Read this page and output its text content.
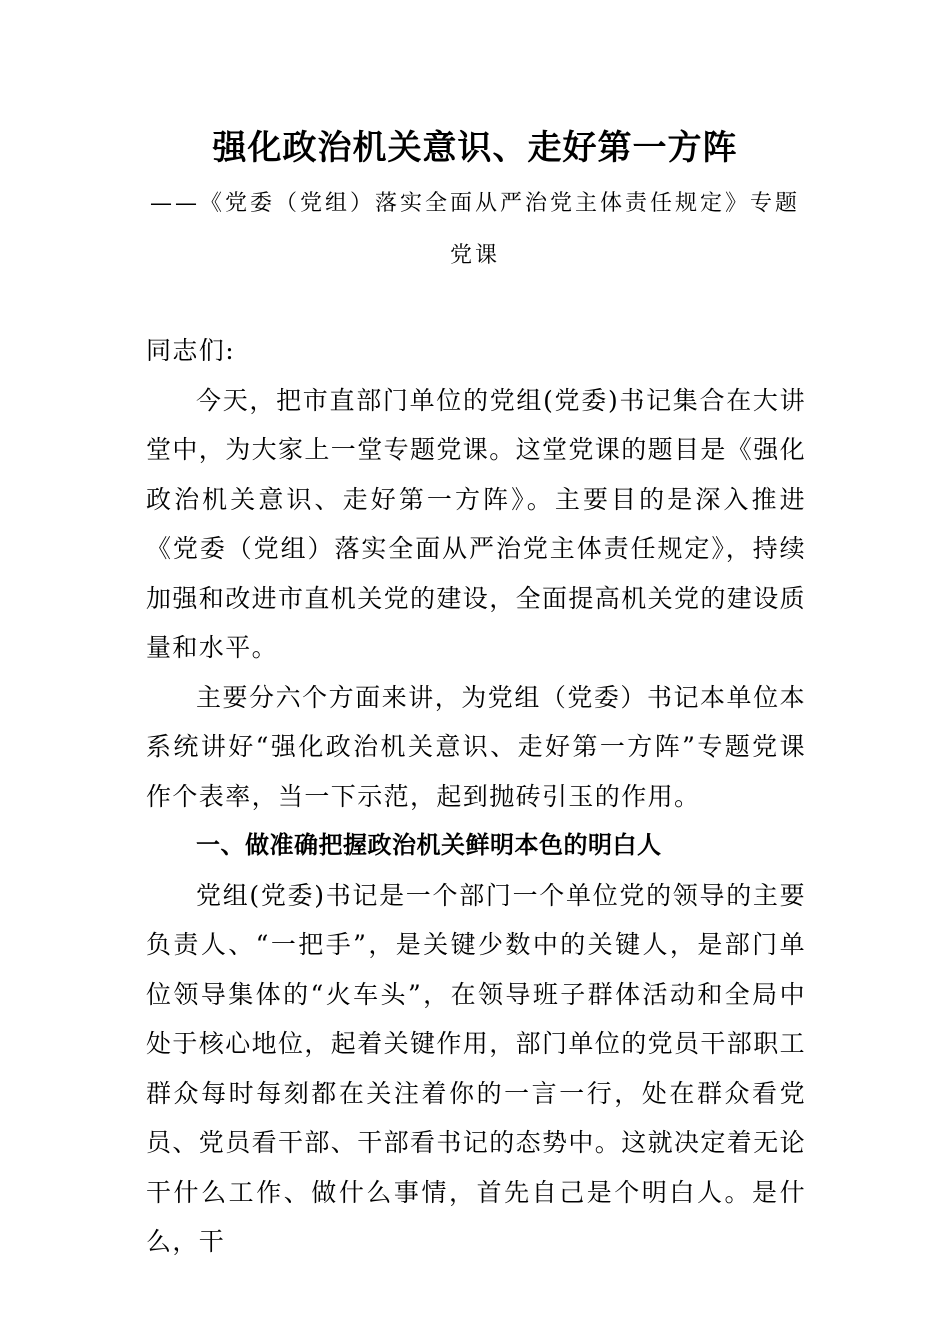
强化政治机关意识、走好第一方阵
——《党委（党组）落实全面从严治党主体责任规定》专题党课

同志们:

今天，把市直部门单位的党组(党委)书记集合在大讲堂中，为大家上一堂专题党课。这堂党课的题目是《强化政治机关意识、走好第一方阵》。主要目的是深入推进《党委（党组）落实全面从严治党主体责任规定》，持续加强和改进市直机关党的建设，全面提高机关党的建设质量和水平。

主要分六个方面来讲，为党组（党委）书记本单位本系统讲好“强化政治机关意识、走好第一方阵”专题党课作个表率，当一下示范，起到抛砖引玉的作用。

一、做准确把握政治机关鲜明本色的明白人

党组(党委)书记是一个部门一个单位党的领导的主要负责人、“一把手”，是关键少数中的关键人，是部门单位领导集体的“火车头”，在领导班子群体活动和全局中处于核心地位，起着关键作用，部门单位的党员干部职工群众每时每刻都在关注着你的一言一行，处在群众看党员、党员看干部、干部看书记的态势中。这就决定着无论干什么工作、做什么事情，首先自己是个明白人。是什么，干
